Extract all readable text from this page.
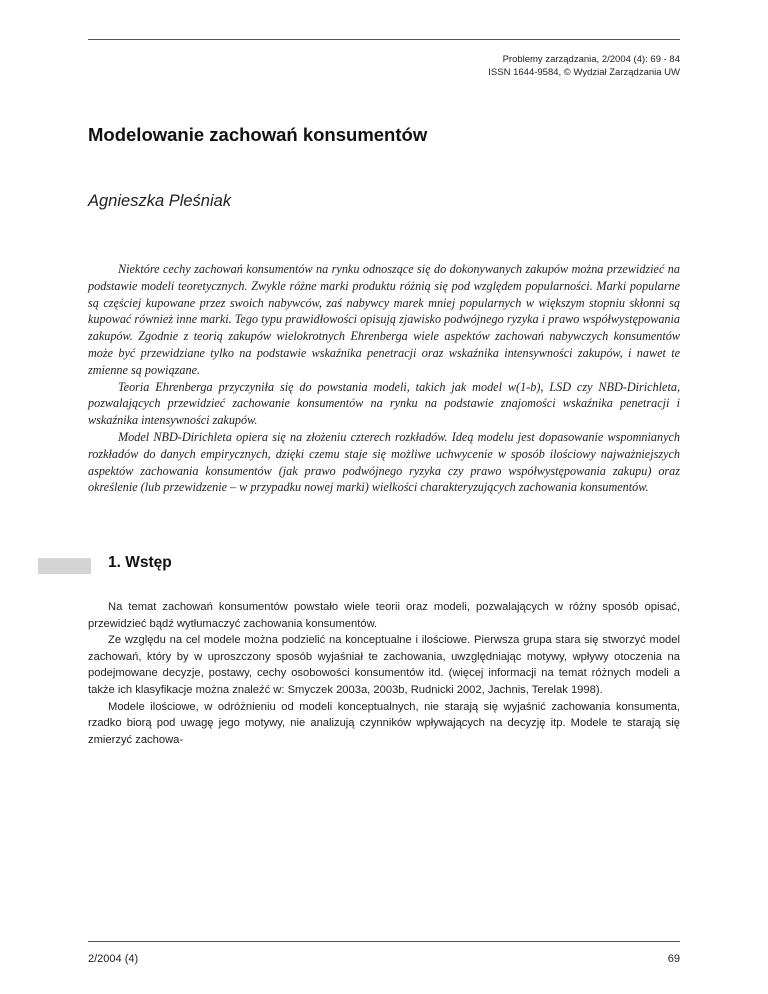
Problemy zarządzania, 2/2004 (4): 69 - 84
ISSN 1644-9584, © Wydział Zarządzania UW
Modelowanie zachowań konsumentów
Agnieszka Pleśniak

Niektóre cechy zachowań konsumentów na rynku odnoszące się do dokonywanych zakupów można przewidzieć na podstawie modeli teoretycznych. Zwykle różne marki produktu różnią się pod względem popularności. Marki popularne są częściej kupowane przez swoich nabywców, zaś nabywcy marek mniej popularnych w większym stopniu skłonni są kupować również inne marki. Tego typu prawidłowości opisują zjawisko podwójnego ryzyka i prawo współwystępowania zakupów. Zgodnie z teorią zakupów wielokrotnych Ehrenberga wiele aspektów zachowań nabywczych konsumentów może być przewidziane tylko na podstawie wskaźnika penetracji oraz wskaźnika intensywności zakupów, i nawet te zmienne są powiązane.

Teoria Ehrenberga przyczyniła się do powstania modeli, takich jak model w(1-b), LSD czy NBD-Dirichleta, pozwalających przewidzieć zachowanie konsumentów na rynku na podstawie znajomości wskaźnika penetracji i wskaźnika intensywności zakupów.

Model NBD-Dirichleta opiera się na złożeniu czterech rozkładów. Ideą modelu jest dopasowanie wspomnianych rozkładów do danych empirycznych, dzięki czemu staje się możliwe uchwycenie w sposób ilościowy najważniejszych aspektów zachowania konsumentów (jak prawo podwójnego ryzyka czy prawo współwystępowania zakupu) oraz określenie (lub przewidzenie – w przypadku nowej marki) wielkości charakteryzujących zachowania konsumentów.

1. Wstęp

Na temat zachowań konsumentów powstało wiele teorii oraz modeli, pozwalających w różny sposób opisać, przewidzieć bądź wytłumaczyć zachowania konsumentów.

Ze względu na cel modele można podzielić na konceptualne i ilościowe. Pierwsza grupa stara się stworzyć model zachowań, który by w uproszczony sposób wyjaśniał te zachowania, uwzględniając motywy, wpływy otoczenia na podejmowane decyzje, postawy, cechy osobowości konsumentów itd. (więcej informacji na temat różnych modeli a także ich klasyfikacje można znaleźć w: Smyczek 2003a, 2003b, Rudnicki 2002, Jachnis, Terelak 1998).

Modele ilościowe, w odróżnieniu od modeli konceptualnych, nie starają się wyjaśnić zachowania konsumenta, rzadko biorą pod uwagę jego motywy, nie analizują czynników wpływających na decyzję itp. Modele te starają się zmierzyć zachowa-

2/2004 (4)	69
